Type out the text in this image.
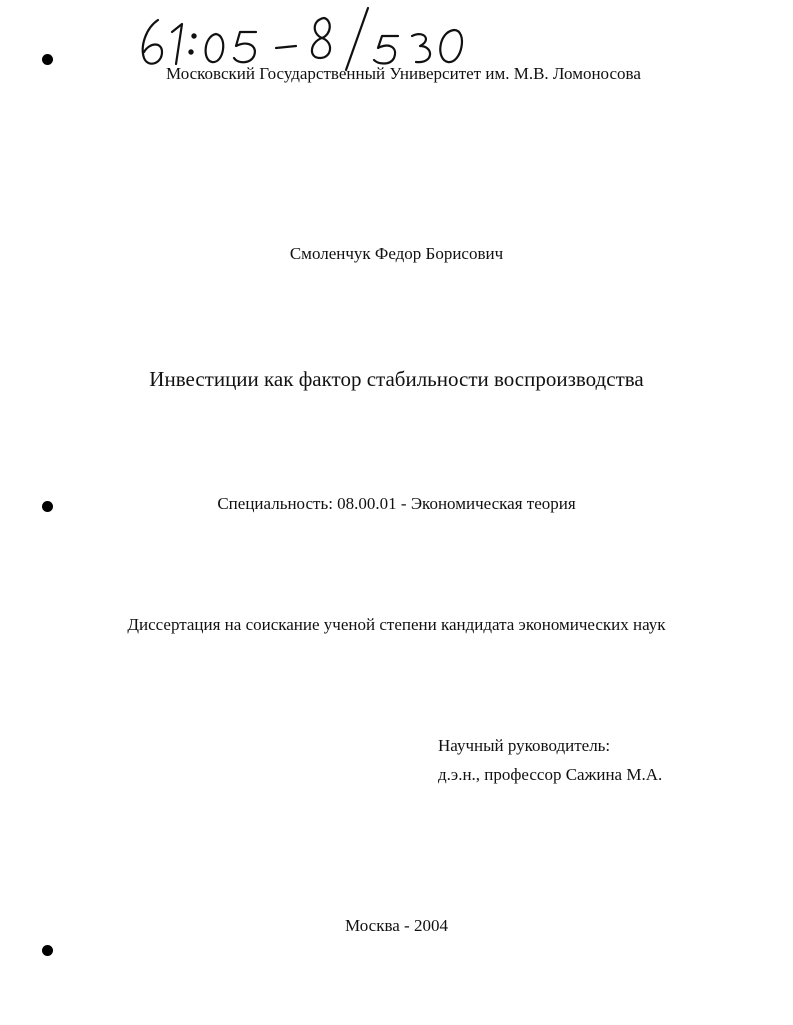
Московский Государственный Университет им. М.В. Ломоносова
Смоленчук Федор Борисович
Инвестиции как фактор стабильности воспроизводства
Специальность: 08.00.01 - Экономическая теория
Диссертация на соискание ученой степени кандидата экономических наук
Научный руководитель:
д.э.н., профессор Сажина М.А.
Москва - 2004
